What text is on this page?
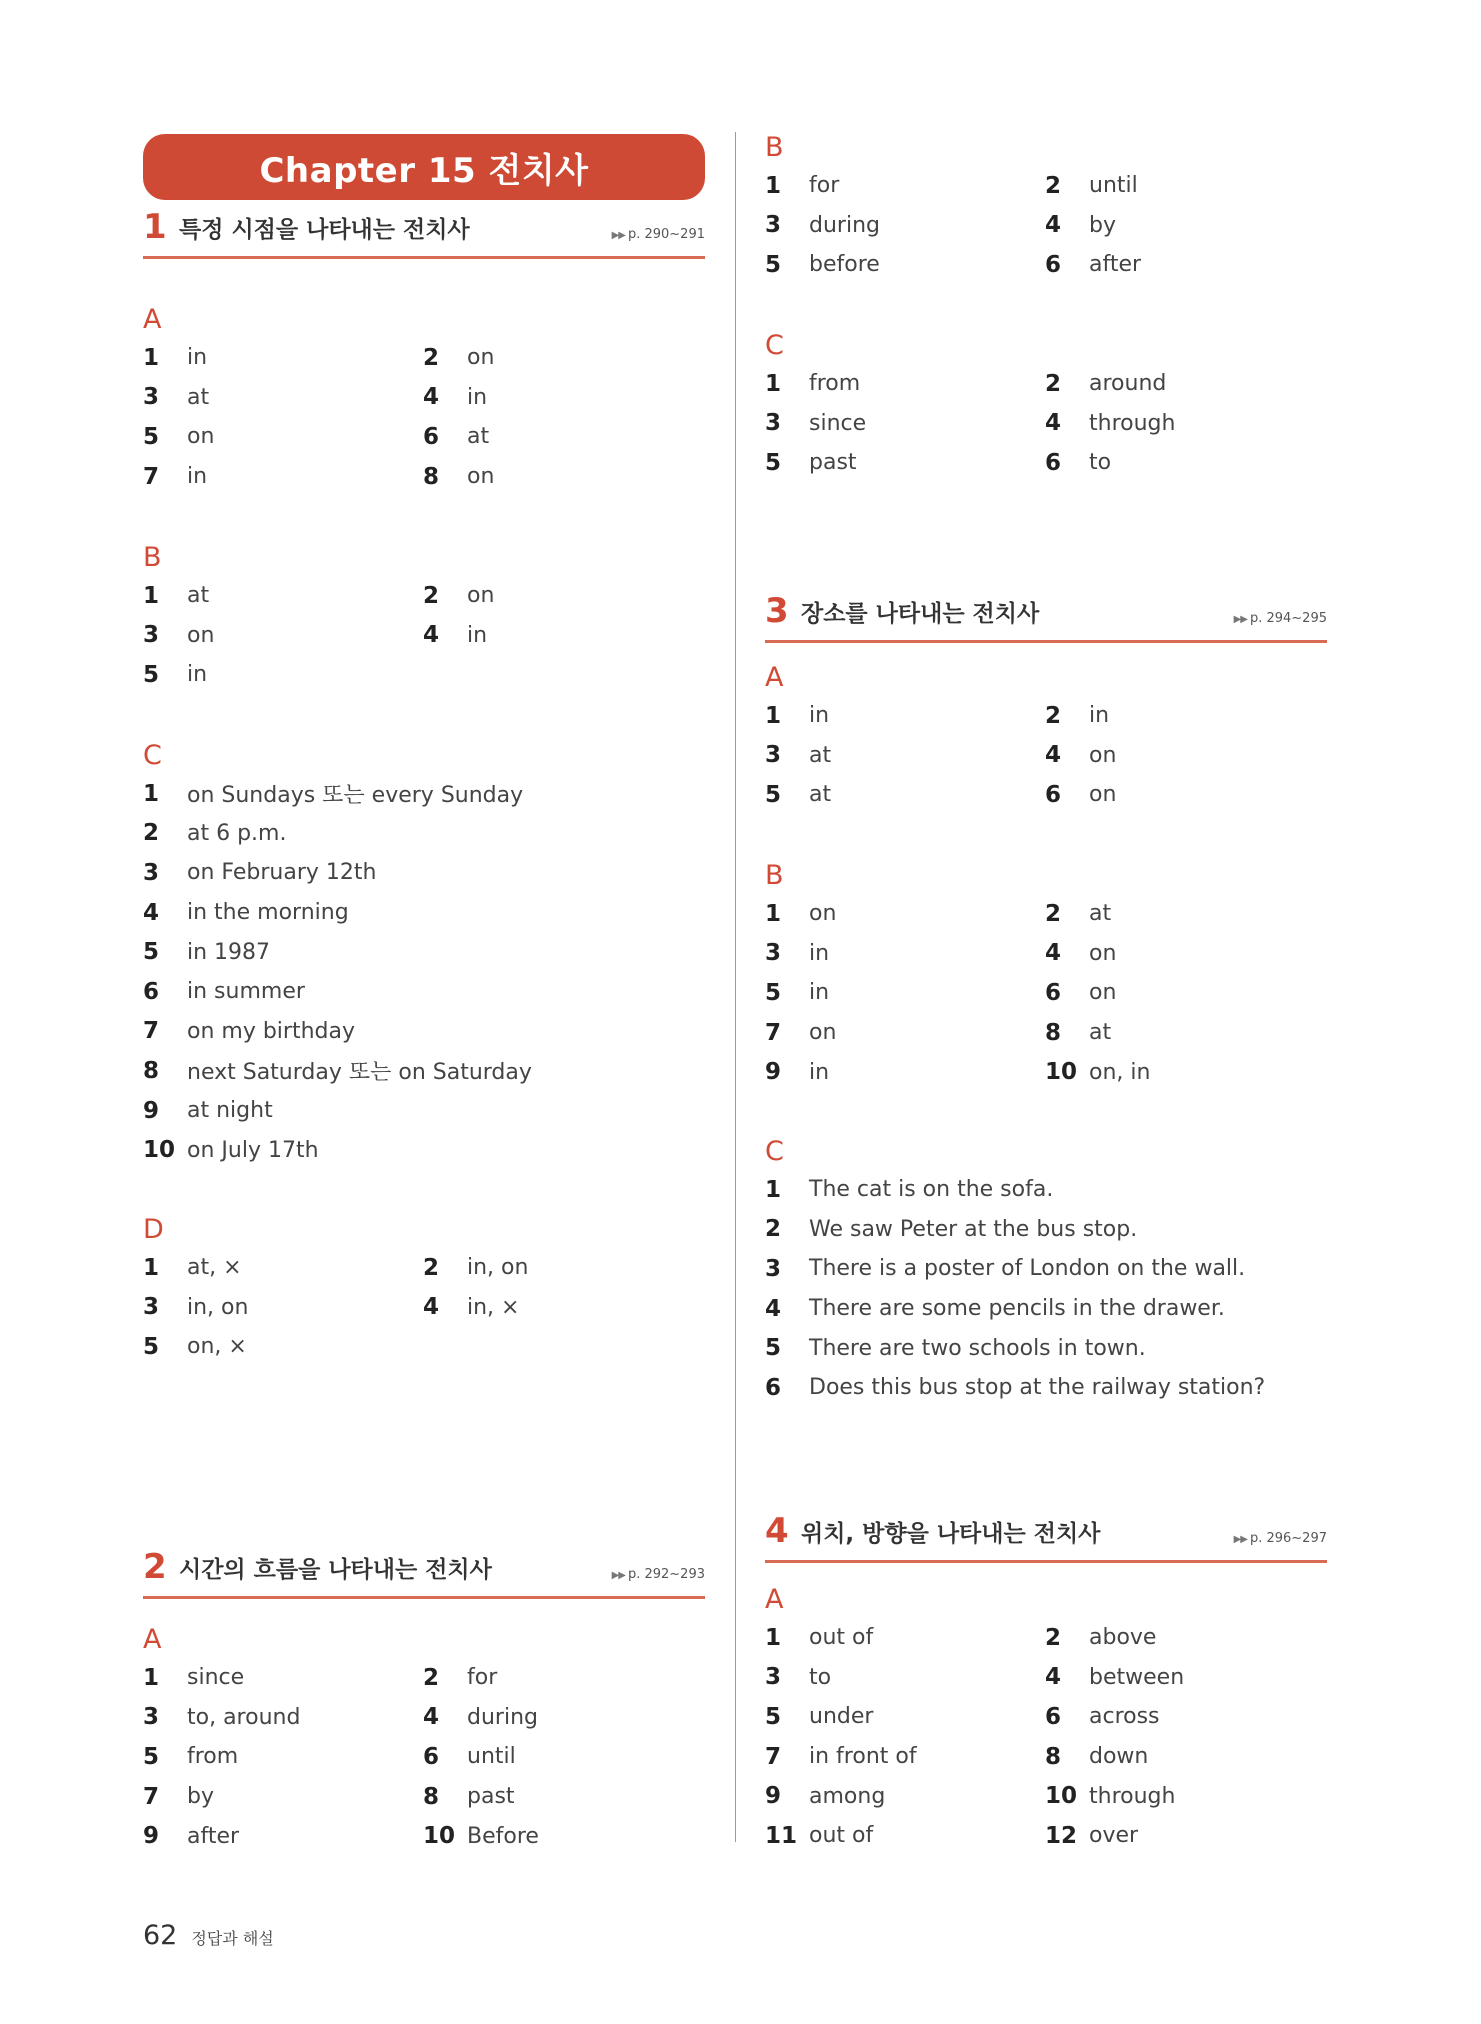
Chapter 15 전치사
1 특정 시점을 나타내는 전치사	▶▶ p. 290~291
A
1	in	2	on
3	at	4	in
5	on	6	at
7	in	8	on
B
1	at	2	on
3	on	4	in
5	in
C
1	on Sundays 또는 every Sunday
2	at 6 p.m.
3	on February 12th
4	in the morning
5	in 1987
6	in summer
7	on my birthday
8	next Saturday 또는 on Saturday
9	at night
10 on July 17th
D
1	at, ×	2	in, on
3	in, on	4	in, ×
5	on, ×
2 시간의 흐름을 나타내는 전치사	▶▶ p. 292~293
A
1	since	2	for
3	to, around	4	during
5	from	6	until
7	by	8	past
9	after	10 Before
B
1	for	2	until
3	during	4	by
5	before	6	after
C
1	from	2	around
3	since	4	through
5	past	6	to
3 장소를 나타내는 전치사	▶▶ p. 294~295
A
1	in	2	in
3	at	4	on
5	at	6	on
B
1	on	2	at
3	in	4	on
5	in	6	on
7	on	8	at
9	in	10 on, in
C
1	The cat is on the sofa.
2	We saw Peter at the bus stop.
3	There is a poster of London on the wall.
4	There are some pencils in the drawer.
5	There are two schools in town.
6	Does this bus stop at the railway station?
4 위치, 방향을 나타내는 전치사	▶▶ p. 296~297
A
1	out of	2	above
3	to	4	between
5	under	6	across
7	in front of	8	down
9	among	10 through
11 out of	12 over
62 정답과 해설
